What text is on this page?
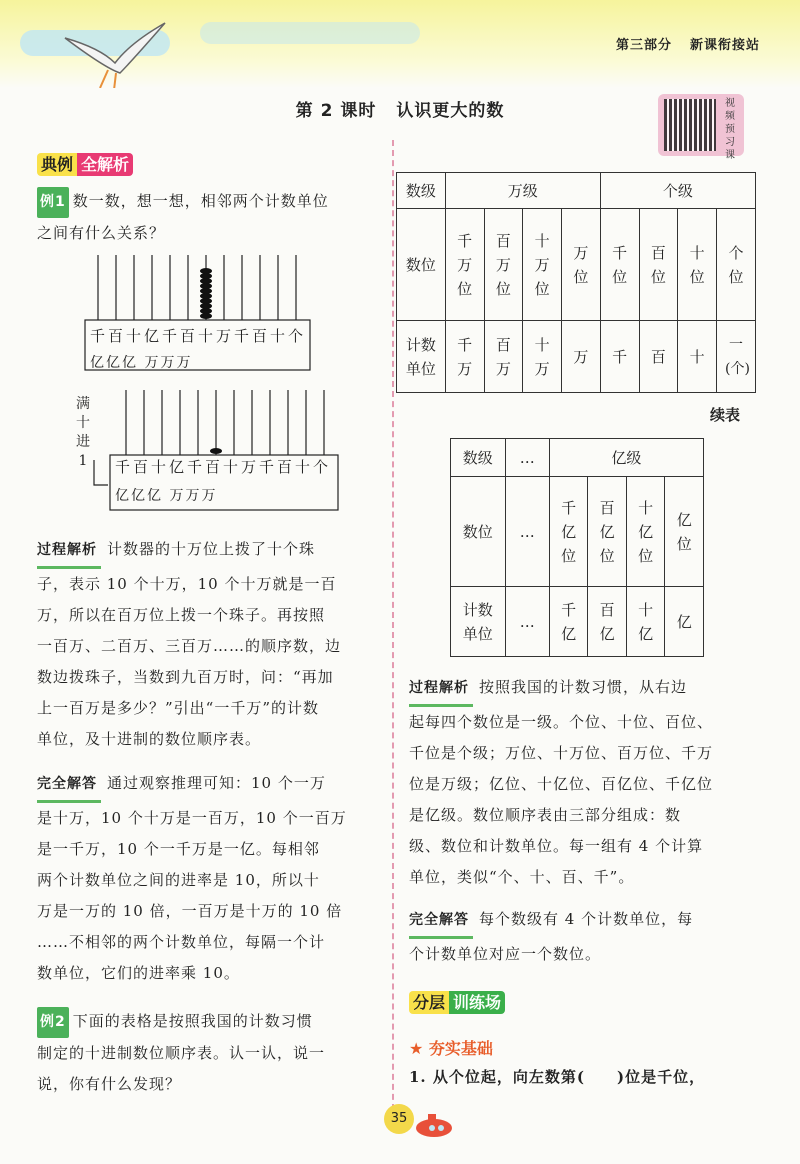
第三部分 新课衔接站
第 2 课时 认识更大的数	视频预习课
典例 全解析
例1 数一数，想一想，相邻两个计数单位
之间有什么关系？
千百十亿千百十万千百十个
亿亿亿 万万万
满十进1 千百十亿千百十万千百十个
亿亿亿 万万万
过程解析 计数器的十万位上拨了十个珠
子，表示 10 个十万，10 个十万就是一百
万，所以在百万位上拨一个珠子。再按照
一百万、二百万、三百万……的顺序数，边
数边拨珠子，当数到九百万时，问：“再加
上一百万是多少？”引出“一千万”的计数
单位，及十进制的数位顺序表。
完全解答 通过观察推理可知：10 个一万
是十万，10 个十万是一百万，10 个一百万
是一千万，10 个一千万是一亿。每相邻
两个计数单位之间的进率是 10，所以十
万是一万的 10 倍，一百万是十万的 10 倍
……不相邻的两个计数单位，每隔一个计
数单位，它们的进率乘 10。
例2 下面的表格是按照我国的计数习惯
制定的十进制数位顺序表。认一认，说一
说，你有什么发现？
数级	万级				个级			
数位	千万位	百万位	十万位	万位	千位	百位	十位	个位

计数单位	千万	百万	十万	万	千	百	十	一(个)
续表
数级	…	亿级			
数位	…	千亿位	百亿位	十亿位	亿位

计数单位	…	千亿	百亿	十亿	亿
过程解析 按照我国的计数习惯，从右边
起每四个数位是一级。个位、十位、百位、
千位是个级；万位、十万位、百万位、千万
位是万级；亿位、十亿位、百亿位、千亿位
是亿级。数位顺序表由三部分组成：数
级、数位和计数单位。每一组有 4 个计算
单位，类似“个、十、百、千”。
完全解答 每个数级有 4 个计数单位，每
个计数单位对应一个数位。
分层 训练场
★ 夯实基础
1. 从个位起，向左数第(　　)位是千位，
35
